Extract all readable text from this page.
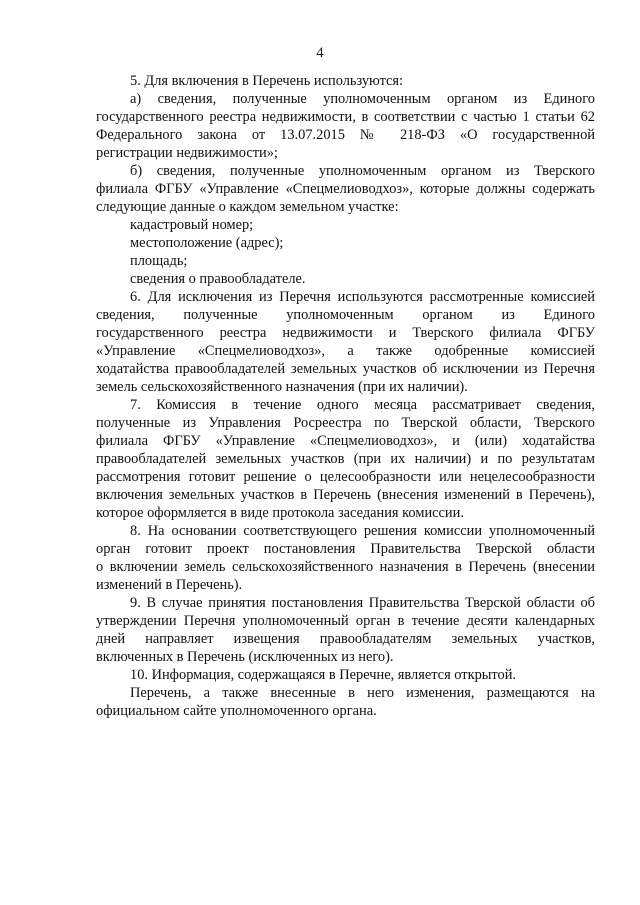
4

5. Для включения в Перечень используются:

а) сведения, полученные уполномоченным органом из Единого

государственного реестра недвижимости, в соответствии с частью 1 статьи 62

Федерального закона от 13.07.2015 № 218-ФЗ «О государственной

регистрации недвижимости»;

б) сведения, полученные уполномоченным органом из Тверского

филиала ФГБУ «Управление «Спецмелиоводхоз», которые должны содержать

следующие данные о каждом земельном участке:

кадастровый номер;

местоположение (адрес);

площадь;

сведения о правообладателе.

6. Для исключения из Перечня используются рассмотренные комиссией

сведения, полученные уполномоченным органом из Единого

государственного реестра недвижимости и Тверского филиала ФГБУ

«Управление «Спецмелиоводхоз», а также одобренные комиссией

ходатайства правообладателей земельных участков об исключении из Перечня

земель сельскохозяйственного назначения (при их наличии).

7. Комиссия в течение одного месяца рассматривает сведения,

полученные из Управления Росреестра по Тверской области, Тверского

филиала ФГБУ «Управление «Спецмелиоводхоз», и (или) ходатайства

правообладателей земельных участков (при их наличии) и по результатам

рассмотрения готовит решение о целесообразности или нецелесообразности

включения земельных участков в Перечень (внесения изменений в Перечень),

которое оформляется в виде протокола заседания комиссии.

8. На основании соответствующего решения комиссии уполномоченный

орган готовит проект постановления Правительства Тверской области

о включении земель сельскохозяйственного назначения в Перечень (внесении

изменений в Перечень).

9. В случае принятия постановления Правительства Тверской области об

утверждении Перечня уполномоченный орган в течение десяти календарных

дней направляет извещения правообладателям земельных участков,

включенных в Перечень (исключенных из него).

10. Информация, содержащаяся в Перечне, является открытой.

Перечень, а также внесенные в него изменения, размещаются на

официальном сайте уполномоченного органа.
